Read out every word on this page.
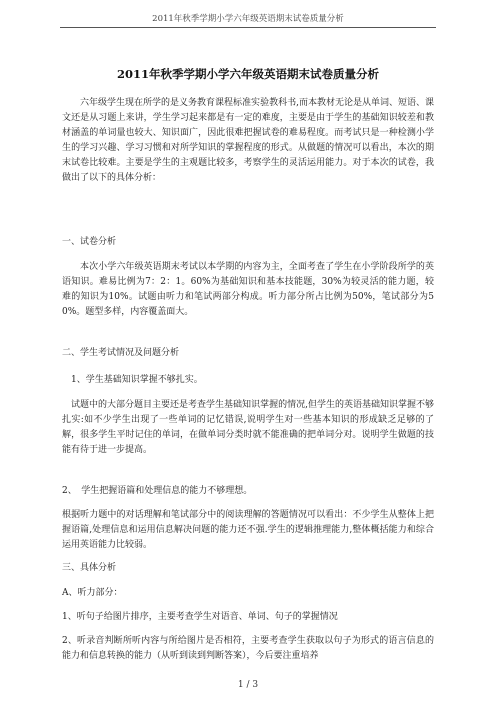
2011年秋季学期小学六年级英语期末试卷质量分析
2011年秋季学期小学六年级英语期末试卷质量分析
六年级学生现在所学的是义务教育课程标准实验教科书,而本教材无论是从单词、短语、课文还是从习题上来讲，学生学习起来都是有一定的难度，主要是由于学生的基础知识较差和教材涵盖的单词量也较大、知识面广，因此很难把握试卷的难易程度。而考试只是一种检测小学生的学习兴趣、学习习惯和对所学知识的掌握程度的形式。从做题的情况可以看出，本次的期末试卷比较难。主要是学生的主观题比较多，考察学生的灵活运用能力。对于本次的试卷，我做出了以下的具体分析：
一、试卷分析
本次小学六年级英语期末考试以本学期的内容为主，全面考查了学生在小学阶段所学的英语知识。难易比例为7：2：1。60%为基础知识和基本技能题，30%为较灵活的能力题，较难的知识为10%。试题由听力和笔试两部分构成。听力部分所占比例为50%，笔试部分为50%。题型多样，内容覆盖面大。
二、学生考试情况及问题分析
1、学生基础知识掌握不够扎实。
试题中的大部分题目主要还是考查学生基础知识掌握的情况,但学生的英语基础知识掌握不够扎实:如不少学生出现了一些单词的记忆错误,说明学生对一些基本知识的形成缺乏足够的了解，很多学生平时记住的单词，在做单词分类时就不能准确的把单词分对。说明学生做题的技能有待于进一步提高。
2、　学生把握语篇和处理信息的能力不够理想。
根据听力题中的对话理解和笔试部分中的阅读理解的答题情况可以看出：不少学生从整体上把握语篇,处理信息和运用信息解决问题的能力还不强.学生的逻辑推理能力,整体概括能力和综合运用英语能力比较弱。
三、具体分析
A、听力部分：
1、听句子给图片排序，主要考查学生对语音、单词、句子的掌握情况
2、听录音判断所听内容与所给图片是否相符，主要考查学生获取以句子为形式的语言信息的能力和信息转换的能力（从听到读到判断答案），今后要注重培养
1 / 3
